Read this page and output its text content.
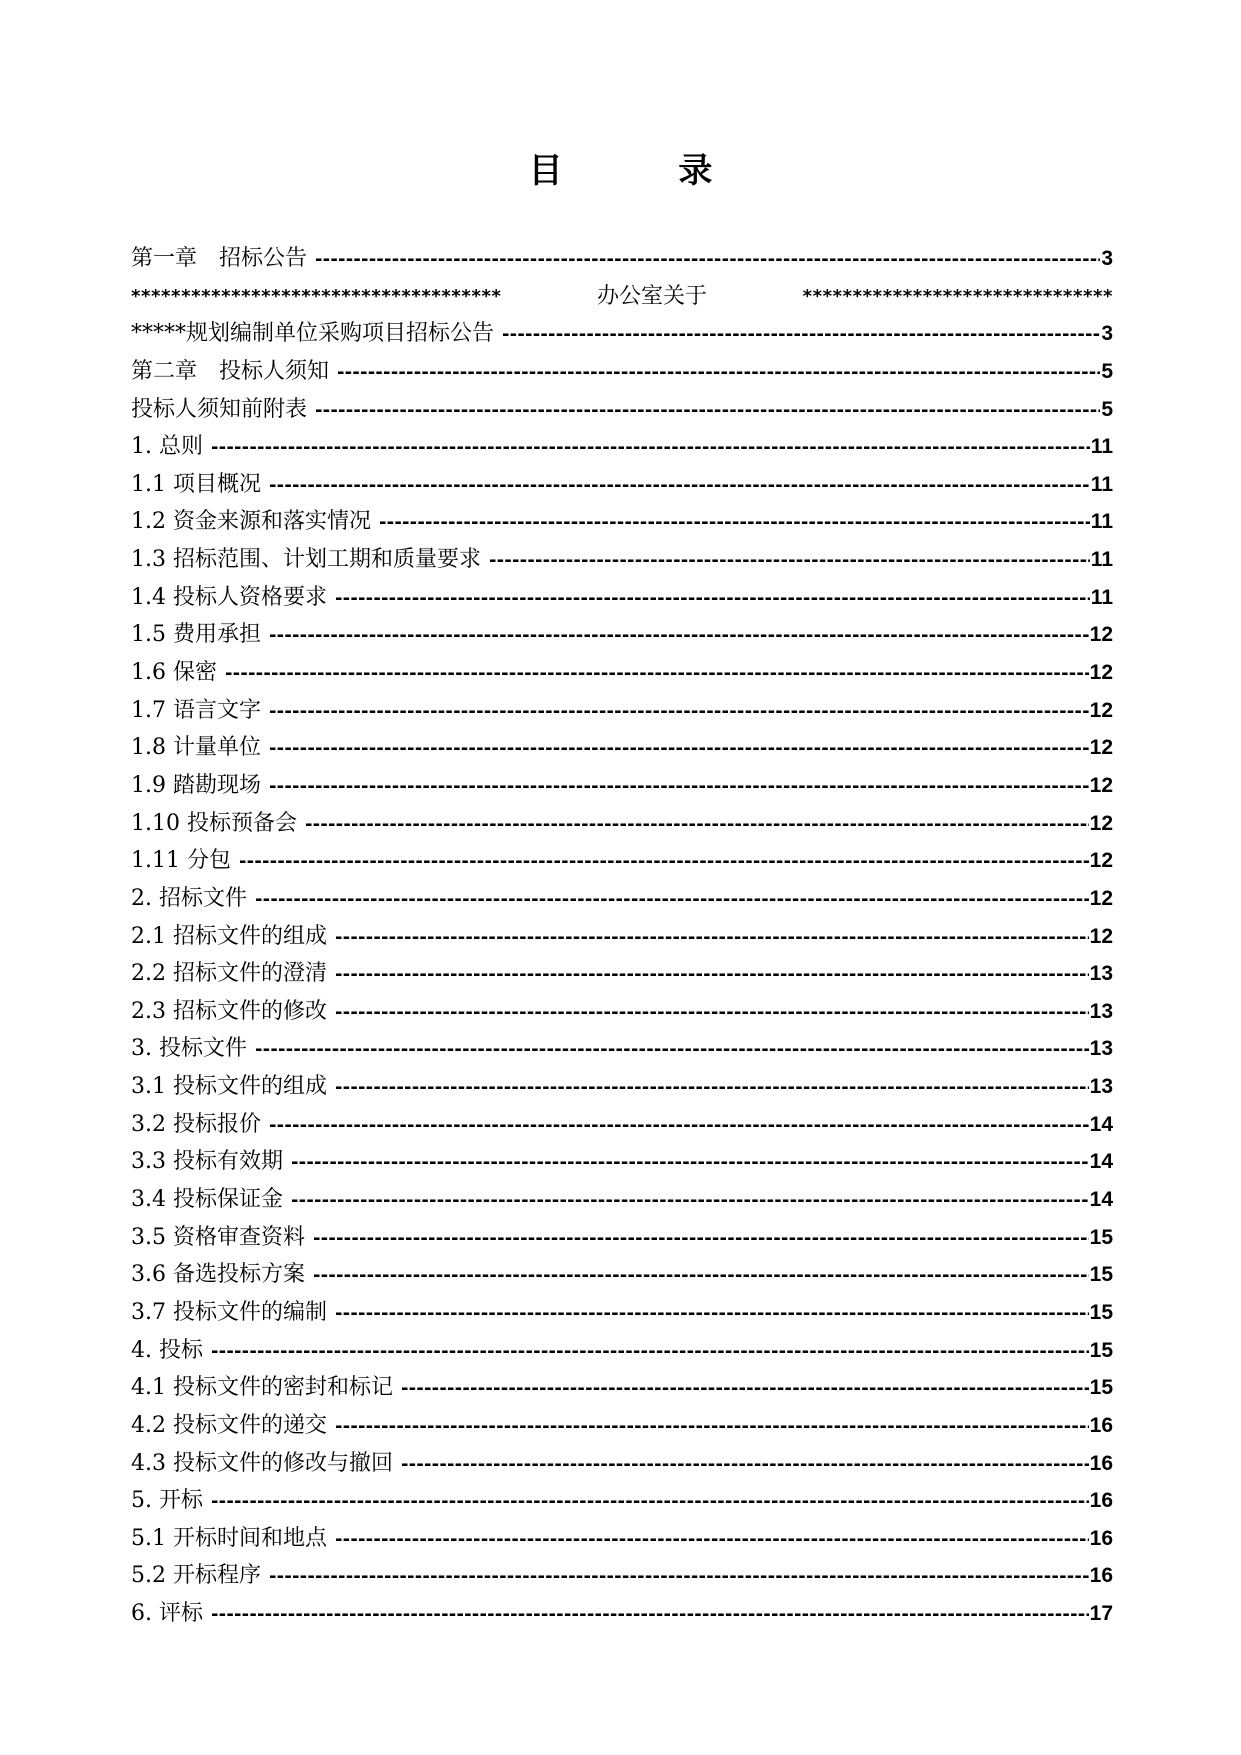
目	录
第一章　招标公告 -----	3
*************************************	办公室关于	*******************************
*****规划编制单位采购项目招标公告 -----	3
第二章　投标人须知 -----	5
投标人须知前附表 -----	5
1. 总则 -----	11
1.1 项目概况 -----	11
1.2 资金来源和落实情况 -----	11
1.3 招标范围、计划工期和质量要求 -----	11
1.4 投标人资格要求 -----	11
1.5 费用承担 -----	12
1.6 保密 -----	12
1.7 语言文字 -----	12
1.8 计量单位 -----	12
1.9 踏勘现场 -----	12
1.10 投标预备会 -----	12
1.11 分包 -----	12
2. 招标文件 -----	12
2.1 招标文件的组成 -----	12
2.2 招标文件的澄清 -----	13
2.3 招标文件的修改 -----	13
3. 投标文件 -----	13
3.1 投标文件的组成 -----	13
3.2 投标报价 -----	14
3.3 投标有效期 -----	14
3.4 投标保证金 -----	14
3.5 资格审查资料 -----	15
3.6 备选投标方案 -----	15
3.7 投标文件的编制 -----	15
4. 投标 -----	15
4.1 投标文件的密封和标记 -----	15
4.2 投标文件的递交 -----	16
4.3 投标文件的修改与撤回 -----	16
5. 开标 -----	16
5.1 开标时间和地点 -----	16
5.2 开标程序 -----	16
6. 评标 -----	17
